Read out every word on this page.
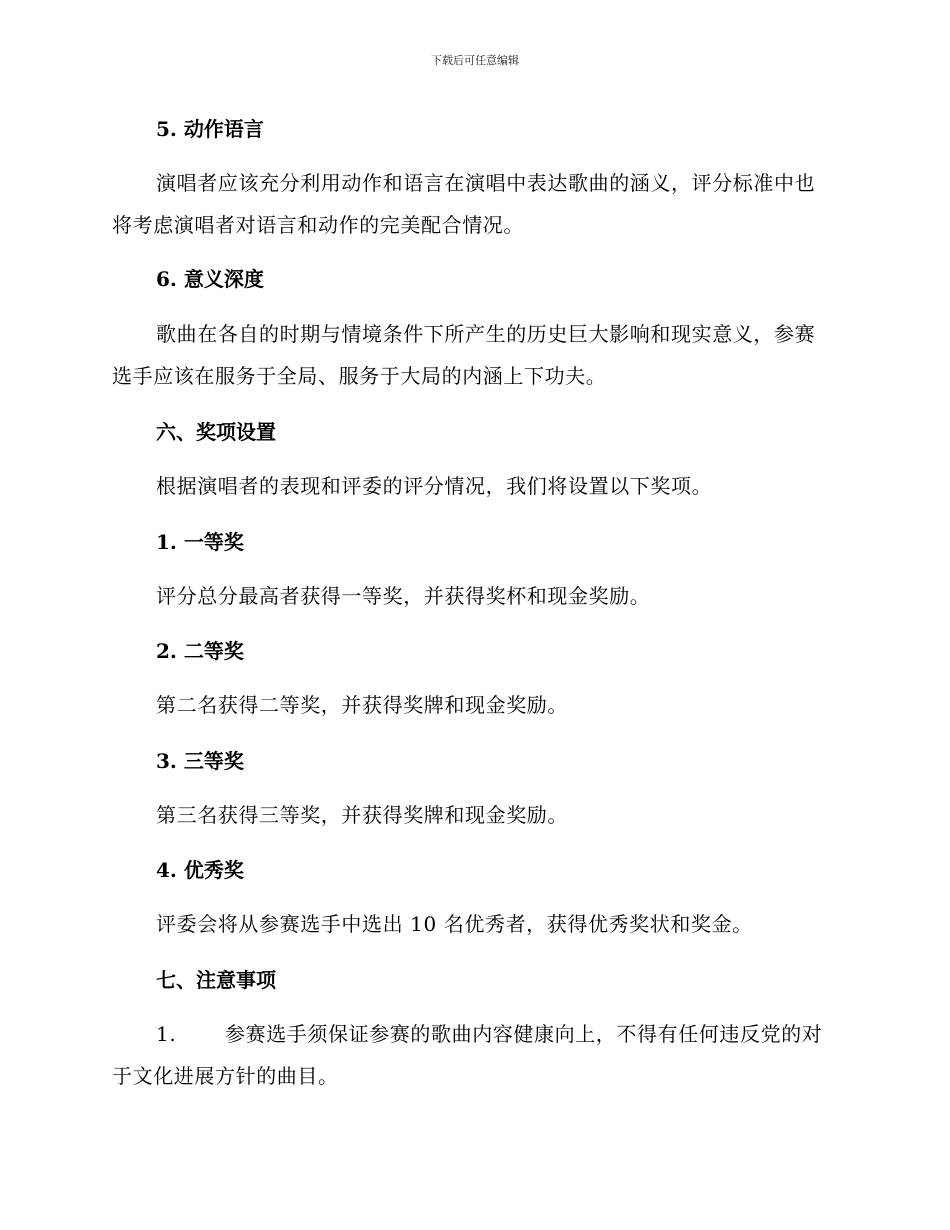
下载后可任意编辑
5. 动作语言
演唱者应该充分利用动作和语言在演唱中表达歌曲的涵义，评分标准中也将考虑演唱者对语言和动作的完美配合情况。
6. 意义深度
歌曲在各自的时期与情境条件下所产生的历史巨大影响和现实意义，参赛选手应该在服务于全局、服务于大局的内涵上下功夫。
六、奖项设置
根据演唱者的表现和评委的评分情况，我们将设置以下奖项。
1. 一等奖
评分总分最高者获得一等奖，并获得奖杯和现金奖励。
2. 二等奖
第二名获得二等奖，并获得奖牌和现金奖励。
3. 三等奖
第三名获得三等奖，并获得奖牌和现金奖励。
4. 优秀奖
评委会将从参赛选手中选出 10 名优秀者，获得优秀奖状和奖金。
七、注意事项
1. 参赛选手须保证参赛的歌曲内容健康向上，不得有任何违反党的对于文化进展方针的曲目。
